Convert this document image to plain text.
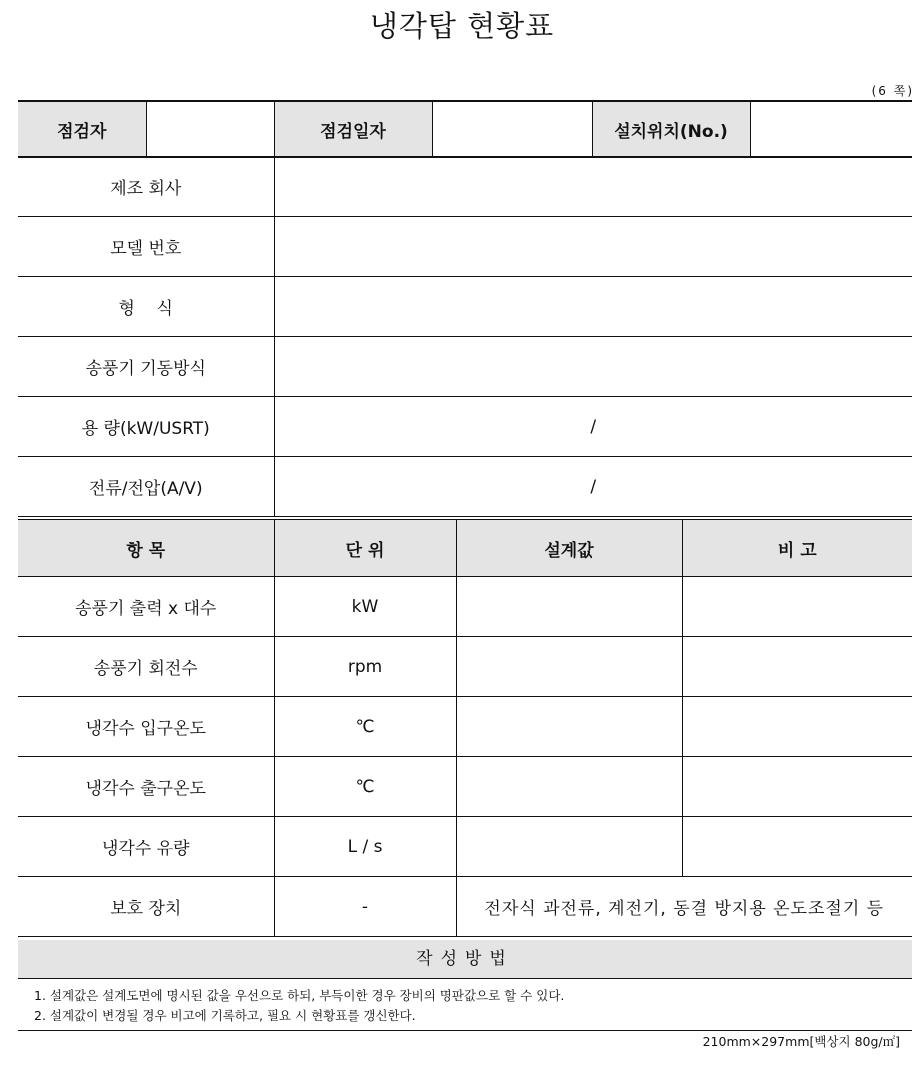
냉각탑 현황표
(6 쪽)
점검자		점검일자		설치위치(No.)	
제조 회사	
모델 번호	
형    식	
송풍기 기동방식	
용 량(kW/USRT)	/
전류/전압(A/V)	/
항 목	단 위	설계값	비 고
송풍기 출력 x 대수	kW		
송풍기 회전수	rpm		
냉각수 입구온도	℃		
냉각수 출구온도	℃		
냉각수 유량	L / s		
보호 장치	-	전자식 과전류, 계전기, 동결 방지용 온도조절기 등	
작성방법
1. 설계값은 설계도면에 명시된 값을 우선으로 하되, 부득이한 경우 장비의 명판값으로 할 수 있다.
2. 설계값이 변경될 경우 비고에 기록하고, 필요 시 현황표를 갱신한다.
210mm×297mm[백상지 80g/㎡]
